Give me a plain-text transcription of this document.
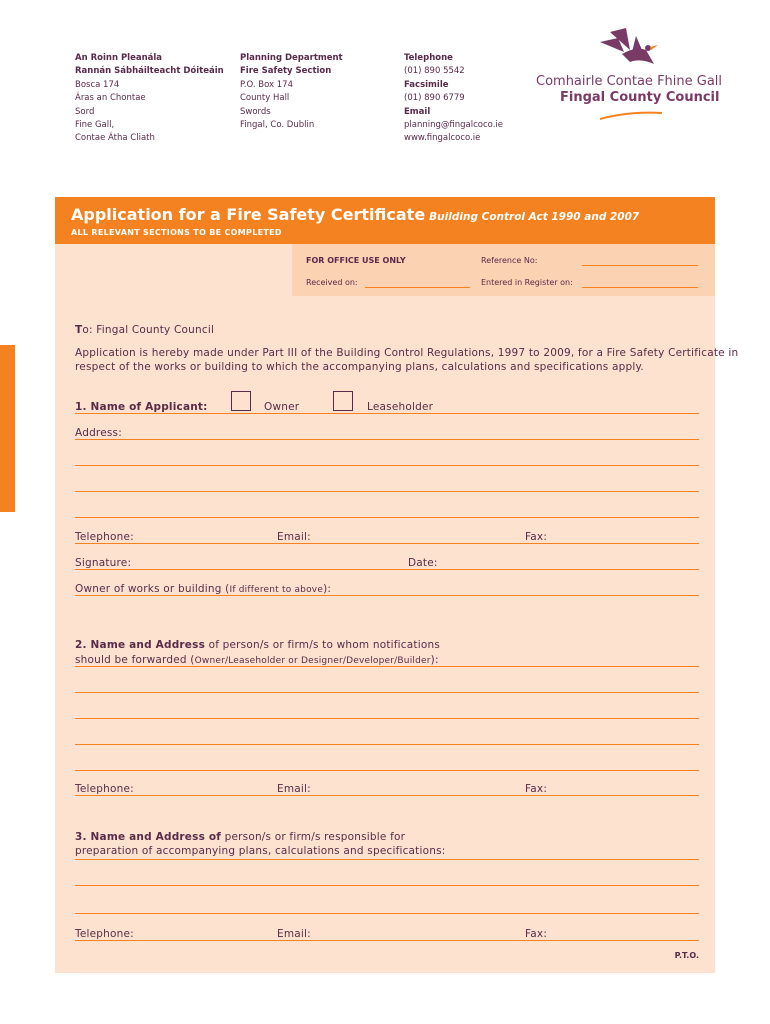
An Roinn Pleanála
Rannán Sábháilteacht Dóiteáin
Bosca 174
Áras an Chontae
Sord
Fine Gall,
Contae Átha Cliath
Planning Department
Fire Safety Section
P.O. Box 174
County Hall
Swords
Fingal, Co. Dublin
Telephone
(01) 890 5542
Facsimile
(01) 890 6779
Email
planning@fingalcoco.ie
www.fingalcoco.ie
Comhairle Contae Fhine Gall
Fingal County Council
Application for a Fire Safety Certificate Building Control Act 1990 and 2007
ALL RELEVANT SECTIONS TO BE COMPLETED
FOR OFFICE USE ONLY	Reference No:
Received on:	Entered in Register on:
To: Fingal County Council
Application is hereby made under Part III of the Building Control Regulations, 1997 to 2009, for a Fire Safety Certificate in
respect of the works or building to which the accompanying plans, calculations and specifications apply.
1. Name of Applicant:	Owner	Leaseholder
Address:
Telephone:	Email:	Fax:
Signature:	Date:
Owner of works or building (If different to above):
2. Name and Address of person/s or firm/s to whom notifications
should be forwarded (Owner/Leaseholder or Designer/Developer/Builder):
Telephone:	Email:	Fax:
3. Name and Address of person/s or firm/s responsible for
preparation of accompanying plans, calculations and specifications:
Telephone:	Email:	Fax:
P.T.O.
